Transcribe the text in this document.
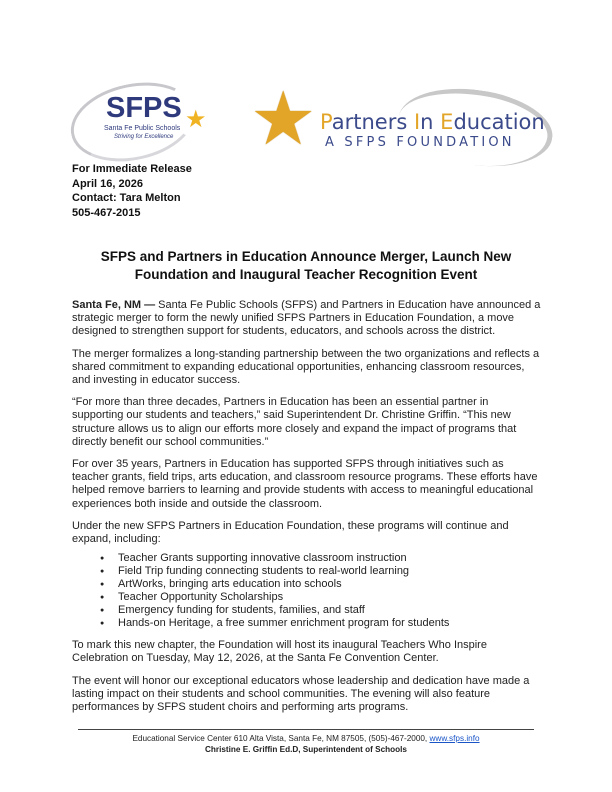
SFPS
Santa Fe Public Schools
Striving for Excellence
★ ★ Partners In Education
A SFPS FOUNDATION
For Immediate Release
April 16, 2026
Contact: Tara Melton
505-467-2015
SFPS and Partners in Education Announce Merger, Launch New Foundation and Inaugural Teacher Recognition Event

Santa Fe, NM — Santa Fe Public Schools (SFPS) and Partners in Education have announced a strategic merger to form the newly unified SFPS Partners in Education Foundation, a move designed to strengthen support for students, educators, and schools across the district.

The merger formalizes a long-standing partnership between the two organizations and reflects a shared commitment to expanding educational opportunities, enhancing classroom resources, and investing in educator success.

“For more than three decades, Partners in Education has been an essential partner in supporting our students and teachers,” said Superintendent Dr. Christine Griffin. “This new structure allows us to align our efforts more closely and expand the impact of programs that directly benefit our school communities.”

For over 35 years, Partners in Education has supported SFPS through initiatives such as teacher grants, field trips, arts education, and classroom resource programs. These efforts have helped remove barriers to learning and provide students with access to meaningful educational experiences both inside and outside the classroom.

Under the new SFPS Partners in Education Foundation, these programs will continue and expand, including:

● Teacher Grants supporting innovative classroom instruction
● Field Trip funding connecting students to real-world learning
● ArtWorks, bringing arts education into schools
● Teacher Opportunity Scholarships
● Emergency funding for students, families, and staff
● Hands-on Heritage, a free summer enrichment program for students

To mark this new chapter, the Foundation will host its inaugural Teachers Who Inspire Celebration on Tuesday, May 12, 2026, at the Santa Fe Convention Center.

The event will honor our exceptional educators whose leadership and dedication have made a lasting impact on their students and school communities. The evening will also feature performances by SFPS student choirs and performing arts programs.

Educational Service Center 610 Alta Vista, Santa Fe, NM 87505, (505)-467-2000, www.sfps.info
Christine E. Griffin Ed.D, Superintendent of Schools
